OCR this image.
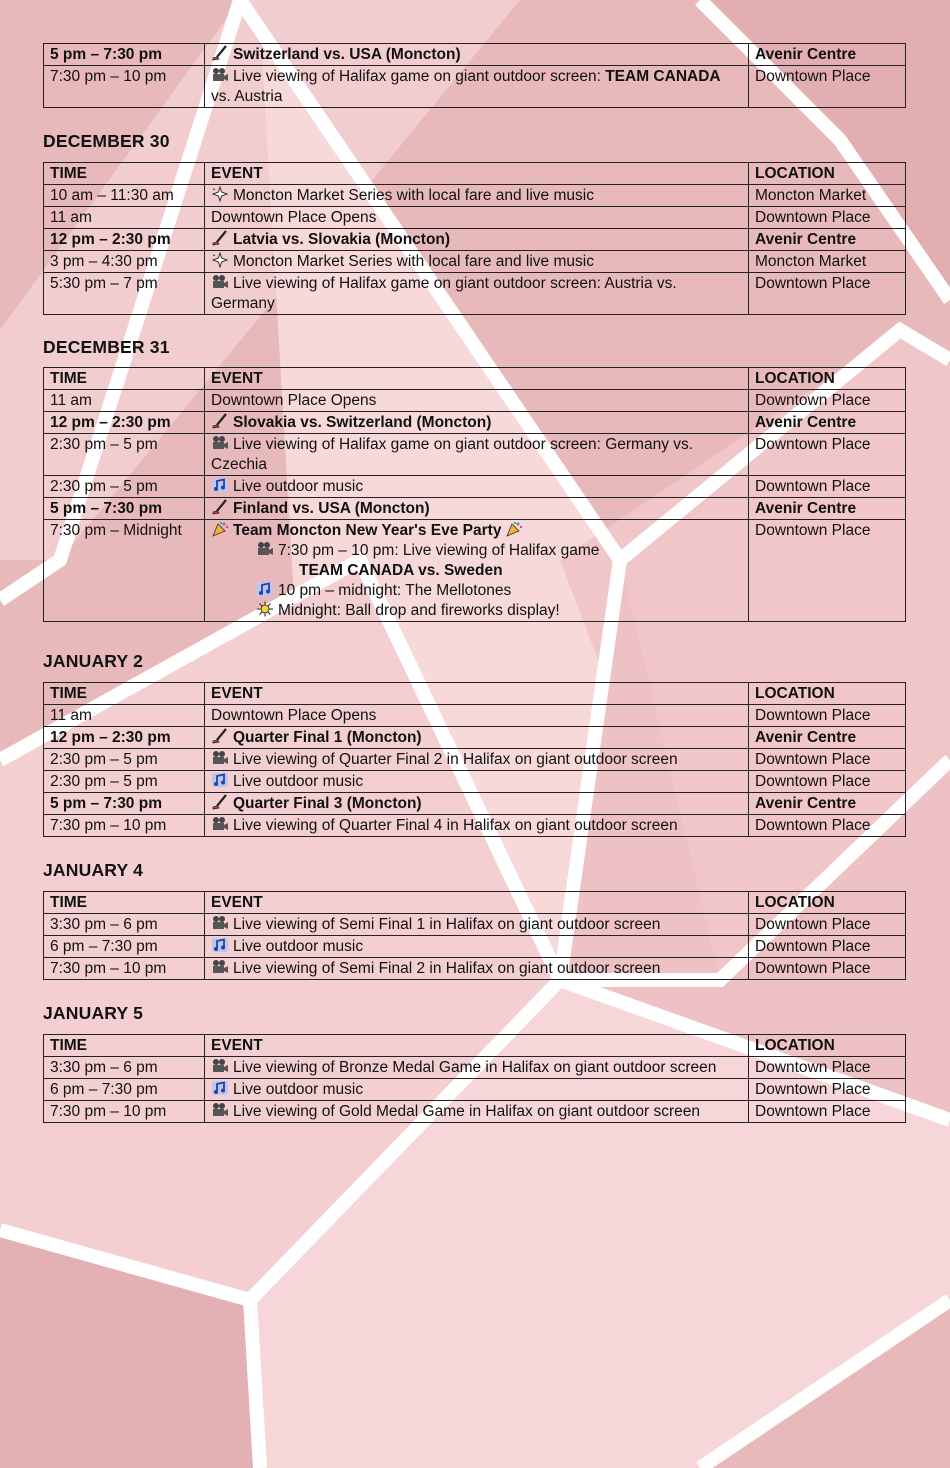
5 pm – 7:30 pm	Switzerland vs. USA (Moncton)	Avenir Centre
7:30 pm – 10 pm	Live viewing of Halifax game on giant outdoor screen: TEAM CANADA vs. Austria	Downtown Place
DECEMBER 30
TIME	EVENT	LOCATION
10 am – 11:30 am	Moncton Market Series with local fare and live music	Moncton Market
11 am	Downtown Place Opens	Downtown Place
12 pm – 2:30 pm	Latvia vs. Slovakia (Moncton)	Avenir Centre
3 pm – 4:30 pm	Moncton Market Series with local fare and live music	Moncton Market
5:30 pm – 7 pm	Live viewing of Halifax game on giant outdoor screen: Austria vs. Germany	Downtown Place
DECEMBER 31
TIME	EVENT	LOCATION
11 am	Downtown Place Opens	Downtown Place
12 pm – 2:30 pm	Slovakia vs. Switzerland (Moncton)	Avenir Centre
2:30 pm – 5 pm	Live viewing of Halifax game on giant outdoor screen: Germany vs. Czechia	Downtown Place
2:30 pm – 5 pm	Live outdoor music	Downtown Place
5 pm – 7:30 pm	Finland vs. USA (Moncton)	Avenir Centre
7:30 pm – Midnight	Team Moncton New Year's Eve Party
7:30 pm – 10 pm: Live viewing of Halifax game
TEAM CANADA vs. Sweden
10 pm – midnight: The Mellotones
Midnight: Ball drop and fireworks display!	Downtown Place
JANUARY 2
TIME	EVENT	LOCATION
11 am	Downtown Place Opens	Downtown Place
12 pm – 2:30 pm	Quarter Final 1 (Moncton)	Avenir Centre
2:30 pm – 5 pm	Live viewing of Quarter Final 2 in Halifax on giant outdoor screen	Downtown Place
2:30 pm – 5 pm	Live outdoor music	Downtown Place
5 pm – 7:30 pm	Quarter Final 3 (Moncton)	Avenir Centre
7:30 pm – 10 pm	Live viewing of Quarter Final 4 in Halifax on giant outdoor screen	Downtown Place
JANUARY 4
TIME	EVENT	LOCATION
3:30 pm – 6 pm	Live viewing of Semi Final 1 in Halifax on giant outdoor screen	Downtown Place
6 pm – 7:30 pm	Live outdoor music	Downtown Place
7:30 pm – 10 pm	Live viewing of Semi Final 2 in Halifax on giant outdoor screen	Downtown Place
JANUARY 5
TIME	EVENT	LOCATION
3:30 pm – 6 pm	Live viewing of Bronze Medal Game in Halifax on giant outdoor screen	Downtown Place
6 pm – 7:30 pm	Live outdoor music	Downtown Place
7:30 pm – 10 pm	Live viewing of Gold Medal Game in Halifax on giant outdoor screen	Downtown Place
